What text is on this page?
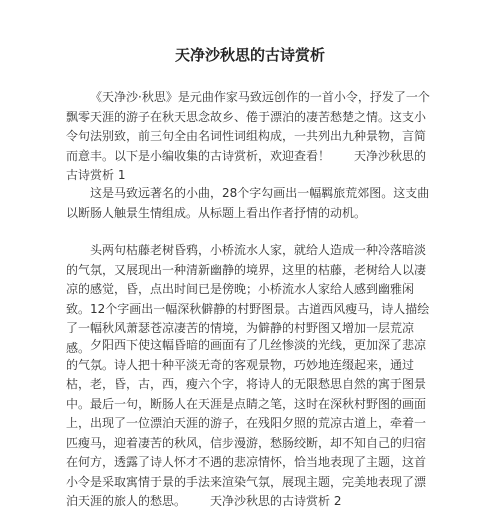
天净沙秋思的古诗赏析

《天净沙·秋思》是元曲作家马致远创作的一首小令，抒发了一个飘零天涯的游子在秋天思念故乡、倦于漂泊的凄苦愁楚之情。这支小令句法别致，前三句全由名词性词组构成，一共列出九种景物，言简而意丰。以下是小编收集的古诗赏析，欢迎查看！ 天净沙秋思的古诗赏析 1

这是马致远著名的小曲，28个字勾画出一幅羁旅荒郊图。这支曲以断肠人触景生情组成。从标题上看出作者抒情的动机。

头两句枯藤老树昏鸦，小桥流水人家，就给人造成一种冷落暗淡的气氛，又展现出一种清新幽静的境界，这里的枯藤，老树给人以凄凉的感觉，昏，点出时间已是傍晚；小桥流水人家给人感到幽雅闲致。12个字画出一幅深秋僻静的村野图景。古道西风瘦马，诗人描绘了一幅秋风萧瑟苍凉凄苦的情境，为僻静的村野图又增加一层荒凉感。 夕阳西下使这幅昏暗的画面有了几丝惨淡的光线，更加深了悲凉的气氛。诗人把十种平淡无奇的客观景物，巧妙地连缀起来，通过枯，老，昏，古，西，瘦六个字，将诗人的无限愁思自然的寓于图景中。最后一句，断肠人在天涯是点睛之笔，这时在深秋村野图的画面上，出现了一位漂泊天涯的游子，在残阳夕照的荒凉古道上，牵着一匹瘦马，迎着凄苦的秋风，信步漫游，愁肠绞断，却不知自己的归宿在何方，透露了诗人怀才不遇的悲凉情怀，恰当地表现了主题，这首小令是采取寓情于景的手法来渲染气氛，展现主题，完美地表现了漂泊天涯的旅人的愁思。 天净沙秋思的古诗赏析 2
